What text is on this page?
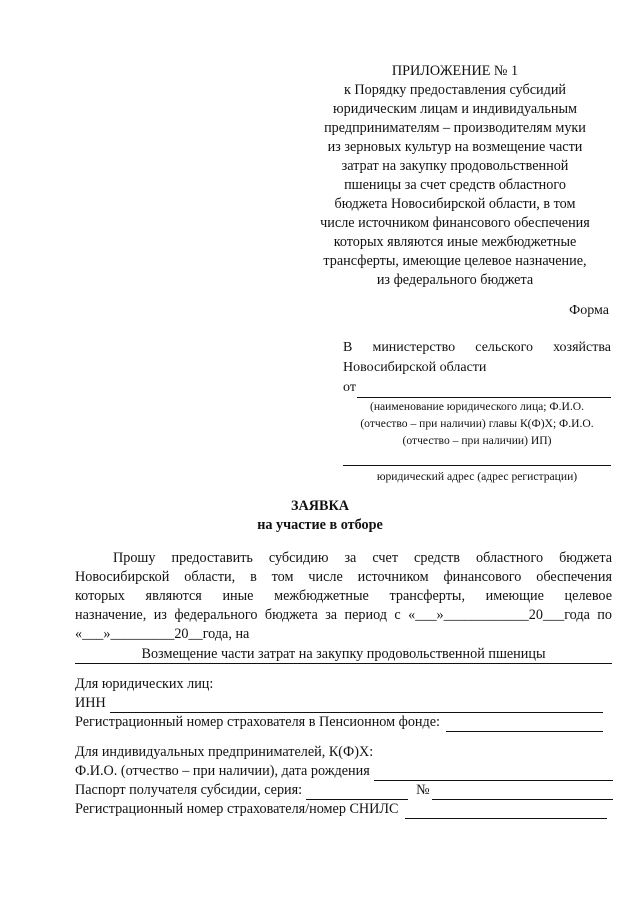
ПРИЛОЖЕНИЕ № 1
к Порядку предоставления субсидий
юридическим лицам и индивидуальным
предпринимателям – производителям муки
из зерновых культур на возмещение части
затрат на закупку продовольственной
пшеницы за счет средств областного
бюджета Новосибирской области, в том
числе источником финансового обеспечения
которых являются иные межбюджетные
трансферты, имеющие целевое назначение,
из федерального бюджета
Форма
В министерство сельского хозяйства
Новосибирской области
от
(наименование юридического лица; Ф.И.О.
(отчество – при наличии) главы К(Ф)Х; Ф.И.О.
(отчество – при наличии) ИП)
юридический адрес (адрес регистрации)
ЗАЯВКА
на участие в отборе
Прошу предоставить субсидию за счет средств областного бюджета
Новосибирской области, в том числе источником финансового обеспечения
которых являются иные межбюджетные трансферты, имеющие целевое
назначение, из федерального бюджета за период с «___»____________20___года по
«___»_________20__года, на
Возмещение части затрат на закупку продовольственной пшеницы
Для юридических лиц:
ИНН
Регистрационный номер страхователя в Пенсионном фонде:
Для индивидуальных предпринимателей, К(Ф)Х:
Ф.И.О. (отчество – при наличии), дата рождения
Паспорт получателя субсидии, серия:	№
Регистрационный номер страхователя/номер СНИЛС
